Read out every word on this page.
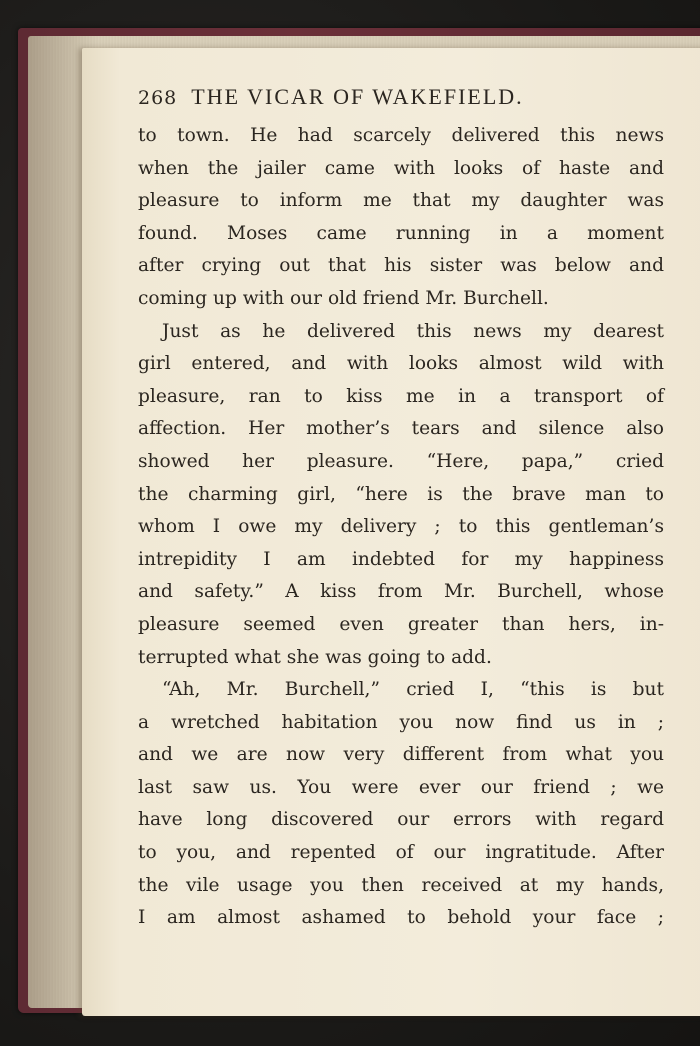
268 THE VICAR OF WAKEFIELD.
to town. He had scarcely delivered this news
when the jailer came with looks of haste and
pleasure to inform me that my daughter was
found. Moses came running in a moment
after crying out that his sister was below and
coming up with our old friend Mr. Burchell.
Just as he delivered this news my dearest
girl entered, and with looks almost wild with
pleasure, ran to kiss me in a transport of
affection. Her mother’s tears and silence also
showed her pleasure. “Here, papa,” cried
the charming girl, “here is the brave man to
whom I owe my delivery ; to this gentleman’s
intrepidity I am indebted for my happiness
and safety.” A kiss from Mr. Burchell, whose
pleasure seemed even greater than hers, in-
terrupted what she was going to add.
“Ah, Mr. Burchell,” cried I, “this is but
a wretched habitation you now find us in ;
and we are now very different from what you
last saw us. You were ever our friend ; we
have long discovered our errors with regard
to you, and repented of our ingratitude. After
the vile usage you then received at my hands,
I am almost ashamed to behold your face ;
